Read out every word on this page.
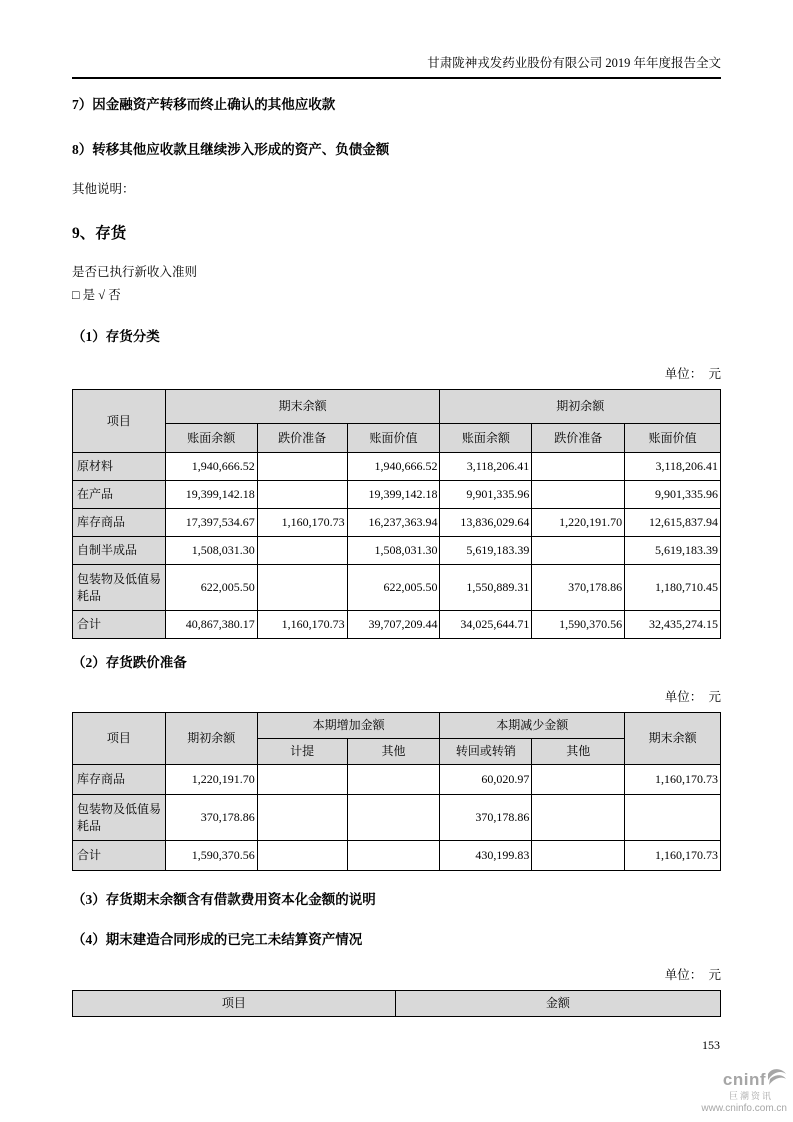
甘肃陇神戎发药业股份有限公司 2019 年年度报告全文
7）因金融资产转移而终止确认的其他应收款
8）转移其他应收款且继续涉入形成的资产、负债金额

其他说明：

9、存货

是否已执行新收入准则

□ 是 √ 否

（1）存货分类
单位：　元
项目	期末余额			期初余额		
	账面余额	跌价准备	账面价值	账面余额	跌价准备	账面价值
原材料	1,940,666.52		1,940,666.52	3,118,206.41		3,118,206.41
在产品	19,399,142.18		19,399,142.18	9,901,335.96		9,901,335.96
库存商品	17,397,534.67	1,160,170.73	16,237,363.94	13,836,029.64	1,220,191.70	12,615,837.94
自制半成品	1,508,031.30		1,508,031.30	5,619,183.39		5,619,183.39
包装物及低值易耗品	622,005.50		622,005.50	1,550,889.31	370,178.86	1,180,710.45
合计	40,867,380.17	1,160,170.73	39,707,209.44	34,025,644.71	1,590,370.56	32,435,274.15
（2）存货跌价准备
单位：　元
项目	期初余额	本期增加金额		本期减少金额		期末余额
		计提	其他	转回或转销	其他	
库存商品	1,220,191.70			60,020.97		1,160,170.73
包装物及低值易耗品	370,178.86			370,178.86		
合计	1,590,370.56			430,199.83		1,160,170.73
（3）存货期末余额含有借款费用资本化金额的说明
（4）期末建造合同形成的已完工未结算资产情况
单位：　元
项目	金额
153
cninf
巨潮资讯
www.cninfo.com.cn
